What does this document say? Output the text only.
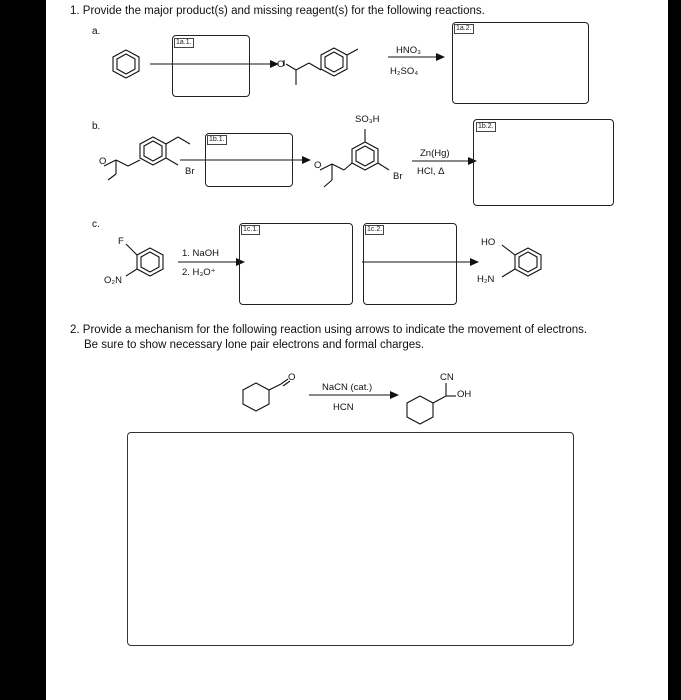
1. Provide the major product(s) and missing reagent(s) for the following reactions.
a.
b.
c.
1a.1.
1a.2.
1b.1.
1b.2.
1c.1.	1c.2.
HNO₃
H₂SO₄
Zn(Hg)
HCl, Δ
1. NaOH
2. H₃O⁺
NaCN (cat.)
HCN
O
O
Br
SO₃H
O
Br
F
O₂N
HO
H₂N
O	CN
OH
2. Provide a mechanism for the following reaction using arrows to indicate the movement of electrons.
Be sure to show necessary lone pair electrons and formal charges.
